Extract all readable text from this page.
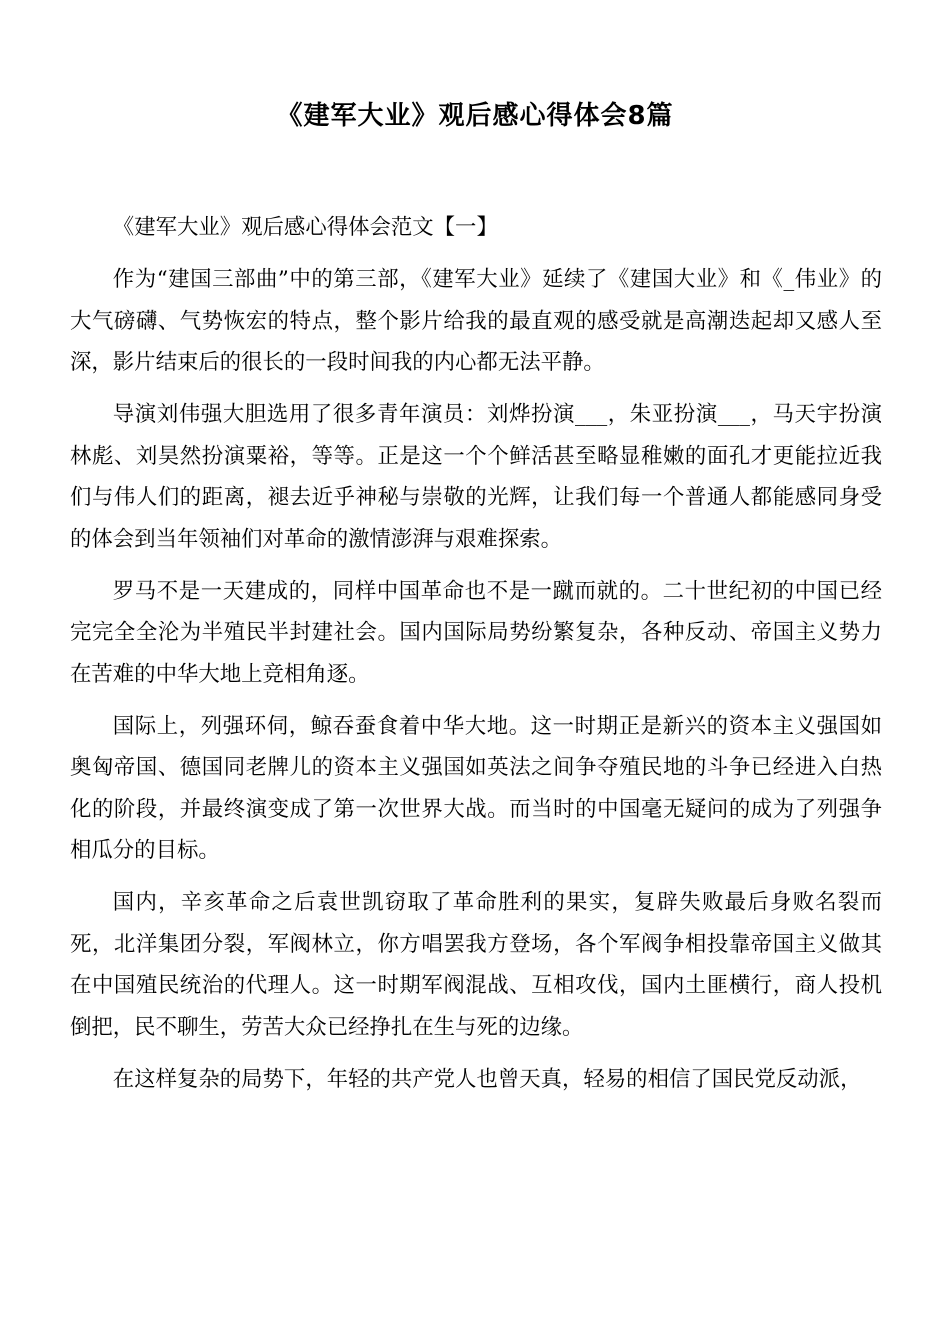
《建军大业》观后感心得体会8篇

《建军大业》观后感心得体会范文【一】

作为“建国三部曲”中的第三部，《建军大业》延续了《建国大业》和《_伟业》的大气磅礴、气势恢宏的特点，整个影片给我的最直观的感受就是高潮迭起却又感人至深，影片结束后的很长的一段时间我的内心都无法平静。

导演刘伟强大胆选用了很多青年演员：刘烨扮演___，朱亚扮演___，马天宇扮演林彪、刘昊然扮演粟裕，等等。正是这一个个鲜活甚至略显稚嫩的面孔才更能拉近我们与伟人们的距离，褪去近乎神秘与崇敬的光辉，让我们每一个普通人都能感同身受的体会到当年领袖们对革命的激情澎湃与艰难探索。

罗马不是一天建成的，同样中国革命也不是一蹴而就的。二十世纪初的中国已经完完全全沦为半殖民半封建社会。国内国际局势纷繁复杂，各种反动、帝国主义势力在苦难的中华大地上竞相角逐。

国际上，列强环伺，鲸吞蚕食着中华大地。这一时期正是新兴的资本主义强国如奥匈帝国、德国同老牌儿的资本主义强国如英法之间争夺殖民地的斗争已经进入白热化的阶段，并最终演变成了第一次世界大战。而当时的中国毫无疑问的成为了列强争相瓜分的目标。

国内，辛亥革命之后袁世凯窃取了革命胜利的果实，复辟失败最后身败名裂而死，北洋集团分裂，军阀林立，你方唱罢我方登场，各个军阀争相投靠帝国主义做其在中国殖民统治的代理人。这一时期军阀混战、互相攻伐，国内土匪横行，商人投机倒把，民不聊生，劳苦大众已经挣扎在生与死的边缘。

在这样复杂的局势下，年轻的共产党人也曾天真，轻易的相信了国民党反动派，
